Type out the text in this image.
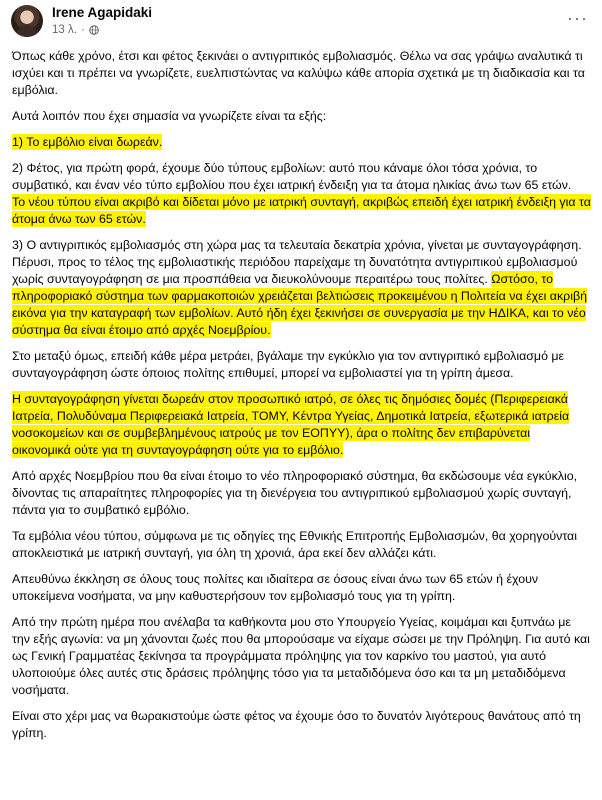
Irene Agapidaki
13 λ. ·
···

Όπως κάθε χρόνο, έτσι και φέτος ξεκινάει ο αντιγριπικός εμβολιασμός. Θέλω να σας γράψω αναλυτικά τι ισχύει και τι πρέπει να γνωρίζετε, ευελπιστώντας να καλύψω κάθε απορία σχετικά με τη διαδικασία και τα εμβόλια.

Αυτά λοιπόν που έχει σημασία να γνωρίζετε είναι τα εξής:

1) Το εμβόλιο είναι δωρεάν.

2) Φέτος, για πρώτη φορά, έχουμε δύο τύπους εμβολίων: αυτό που κάναμε όλοι τόσα χρόνια, το συμβατικό, και έναν νέο τύπο εμβολίου που έχει ιατρική ένδειξη για τα άτομα ηλικίας άνω των 65 ετών.
Το νέου τύπου είναι ακριβό και δίδεται μόνο με ιατρική συνταγή, ακριβώς επειδή έχει ιατρική ένδειξη για τα άτομα άνω των 65 ετών.

3) Ο αντιγριπικός εμβολιασμός στη χώρα μας τα τελευταία δεκατρία χρόνια, γίνεται με συνταγογράφηση. Πέρυσι, προς το τέλος της εμβολιαστικής περιόδου παρείχαμε τη δυνατότητα αντιγριπικού εμβολιασμού χωρίς συνταγογράφηση σε μια προσπάθεια να διευκολύνουμε περαιτέρω τους πολίτες. Ωστόσο, το πληροφοριακό σύστημα των φαρμακοποιών χρειάζεται βελτιώσεις προκειμένου η Πολιτεία να έχει ακριβή εικόνα για την καταγραφή των εμβολίων. Αυτό ήδη έχει ξεκινήσει σε συνεργασία με την ΗΔΙΚΑ, και το νέο σύστημα θα είναι έτοιμο από αρχές Νοεμβρίου.

Στο μεταξύ όμως, επειδή κάθε μέρα μετράει, βγάλαμε την εγκύκλιο για τον αντιγριπικό εμβολιασμό με συνταγογράφηση ώστε όποιος πολίτης επιθυμεί, μπορεί να εμβολιαστεί για τη γρίπη άμεσα.

Η συνταγογράφηση γίνεται δωρεάν στον προσωπικό ιατρό, σε όλες τις δημόσιες δομές (Περιφερειακά Ιατρεία, Πολυδύναμα Περιφερειακά Ιατρεία, ΤΟΜΥ, Κέντρα Υγείας, Δημοτικά Ιατρεία, εξωτερικά ιατρεία νοσοκομείων και σε συμβεβλημένους ιατρούς με τον ΕΟΠΥΥ), άρα ο πολίτης δεν επιβαρύνεται οικονομικά ούτε για τη συνταγογράφηση ούτε για το εμβόλιο.

Από αρχές Νοεμβρίου που θα είναι έτοιμο το νέο πληροφοριακό σύστημα, θα εκδώσουμε νέα εγκύκλιο, δίνοντας τις απαραίτητες πληροφορίες για τη διενέργεια του αντιγριπικού εμβολιασμού χωρίς συνταγή, πάντα για το συμβατικό εμβόλιο.

Τα εμβόλια νέου τύπου, σύμφωνα με τις οδηγίες της Εθνικής Επιτροπής Εμβολιασμών, θα χορηγούνται αποκλειστικά με ιατρική συνταγή, για όλη τη χρονιά, άρα εκεί δεν αλλάζει κάτι.

Απευθύνω έκκληση σε όλους τους πολίτες και ιδιαίτερα σε όσους είναι άνω των 65 ετών ή έχουν υποκείμενα νοσήματα, να μην καθυστερήσουν τον εμβολιασμό τους για τη γρίπη.

Από την πρώτη ημέρα που ανέλαβα τα καθήκοντα μου στο Υπουργείο Υγείας, κοιμάμαι και ξυπνάω με την εξής αγωνία: να μη χάνονται ζωές που θα μπορούσαμε να είχαμε σώσει με την Πρόληψη. Για αυτό και ως Γενική Γραμματέας ξεκίνησα τα προγράμματα πρόληψης για τον καρκίνο του μαστού, για αυτό υλοποιούμε όλες αυτές στις δράσεις πρόληψης τόσο για τα μεταδιδόμενα όσο και τα μη μεταδιδόμενα νοσήματα.

Είναι στο χέρι μας να θωρακιστούμε ώστε φέτος να έχουμε όσο το δυνατόν λιγότερους θανάτους από τη γρίπη.
